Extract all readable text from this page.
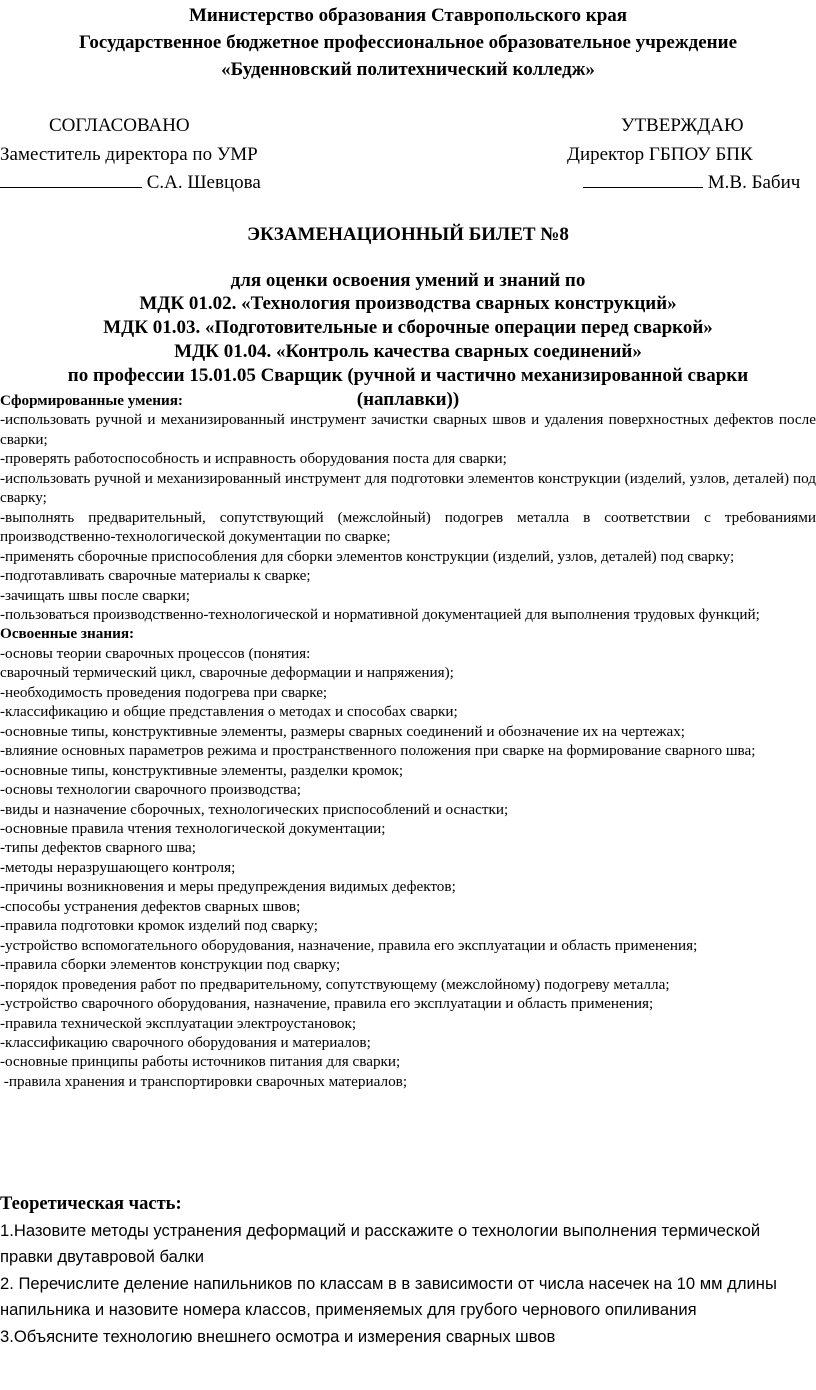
Министерство образования Ставропольского края
Государственное бюджетное профессиональное образовательное учреждение
«Буденновский политехнический колледж»
СОГЛАСОВАНО
Заместитель директора по УМР
С.А. Шевцова
УТВЕРЖДАЮ
Директор ГБПОУ БПК
М.В. Бабич
ЭКЗАМЕНАЦИОННЫЙ БИЛЕТ №8
для оценки освоения умений и знаний по
МДК 01.02. «Технология производства сварных конструкций»
МДК 01.03. «Подготовительные и сборочные операции перед сваркой»
МДК 01.04. «Контроль качества сварных соединений»
по профессии 15.01.05 Сварщик (ручной и частично механизированной сварки (наплавки))
Сформированные умения:
-использовать ручной и механизированный инструмент зачистки сварных швов и удаления поверхностных дефектов после сварки;
-проверять работоспособность и исправность оборудования поста для сварки;
-использовать ручной и механизированный инструмент для подготовки элементов конструкции (изделий, узлов, деталей) под сварку;
-выполнять предварительный, сопутствующий (межслойный) подогрев металла в соответствии с требованиями производственно-технологической документации по сварке;
-применять сборочные приспособления для сборки элементов конструкции (изделий, узлов, деталей) под сварку;
-подготавливать сварочные материалы к сварке;
-зачищать швы после сварки;
-пользоваться производственно-технологической и нормативной документацией для выполнения трудовых функций;
Освоенные знания:
-основы теории сварочных процессов (понятия:
сварочный термический цикл, сварочные деформации и напряжения);
-необходимость проведения подогрева при сварке;
-классификацию и общие представления о методах и способах сварки;
-основные типы, конструктивные элементы, размеры сварных соединений и обозначение их на чертежах;
-влияние основных параметров режима и пространственного положения при сварке на формирование сварного шва;
-основные типы, конструктивные элементы, разделки кромок;
-основы технологии сварочного производства;
-виды и назначение сборочных, технологических приспособлений и оснастки;
-основные правила чтения технологической документации;
-типы дефектов сварного шва;
-методы неразрушающего контроля;
-причины возникновения и меры предупреждения видимых дефектов;
-способы устранения дефектов сварных швов;
-правила подготовки кромок изделий под сварку;
-устройство вспомогательного оборудования, назначение, правила его эксплуатации и область применения;
-правила сборки элементов конструкции под сварку;
-порядок проведения работ по предварительному, сопутствующему (межслойному) подогреву металла;
-устройство сварочного оборудования, назначение, правила его эксплуатации и область применения;
-правила технической эксплуатации электроустановок;
-классификацию сварочного оборудования и материалов;
-основные принципы работы источников питания для сварки;
-правила хранения и транспортировки сварочных материалов;
Теоретическая часть:
1.Назовите методы устранения деформаций и расскажите о технологии выполнения термической правки двутавровой балки
2. Перечислите деление напильников по классам в в зависимости от числа насечек на 10 мм длины напильника и назовите номера классов, применяемых для грубого чернового опиливания
3.Объясните технологию внешнего осмотра и измерения сварных швов
